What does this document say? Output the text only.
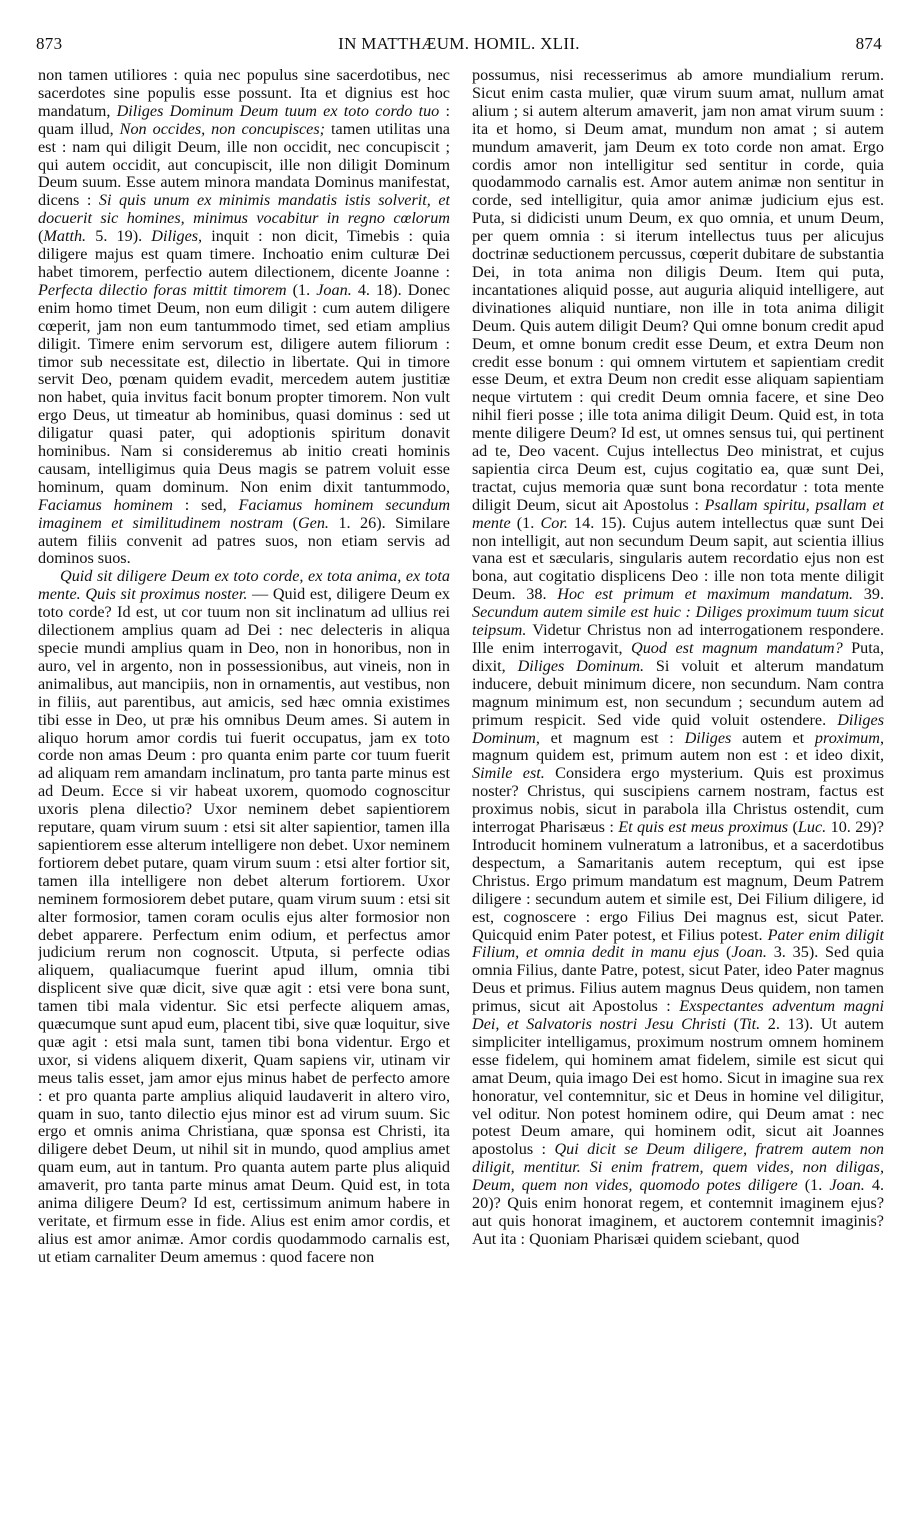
873	IN MATTHÆUM. HOMIL. XLII.	874

non tamen utiliores : quia nec populus sine sacerdotibus, nec sacerdotes sine populis esse possunt. Ita et dignius est hoc mandatum, Diliges Dominum Deum tuum ex toto cordo tuo : quam illud, Non occides, non concupisces; tamen utilitas una est : nam qui diligit Deum, ille non occidit, nec concupiscit ; qui autem occidit, aut concupiscit, ille non diligit Dominum Deum suum. Esse autem minora mandata Dominus manifestat, dicens : Si quis unum ex minimis mandatis istis solverit, et docuerit sic homines, minimus vocabitur in regno cœlorum (Matth. 5. 19). Diliges, inquit : non dicit, Timebis : quia diligere majus est quam timere. Inchoatio enim culturæ Dei habet timorem, perfectio autem dilectionem, dicente Joanne : Perfecta dilectio foras mittit timorem (1. Joan. 4. 18). Donec enim homo timet Deum, non eum diligit : cum autem diligere cœperit, jam non eum tantummodo timet, sed etiam amplius diligit. Timere enim servorum est, diligere autem filiorum : timor sub necessitate est, dilectio in libertate. Qui in timore servit Deo, pœnam quidem evadit, mercedem autem justitiæ non habet, quia invitus facit bonum propter timorem. Non vult ergo Deus, ut timeatur ab hominibus, quasi dominus : sed ut diligatur quasi pater, qui adoptionis spiritum donavit hominibus. Nam si consideremus ab initio creati hominis causam, intelligimus quia Deus magis se patrem voluit esse hominum, quam dominum. Non enim dixit tantummodo, Faciamus hominem : sed, Faciamus hominem secundum imaginem et similitudinem nostram (Gen. 1. 26). Similare autem filiis convenit ad patres suos, non etiam servis ad dominos suos.

Quid sit diligere Deum ex toto corde, ex tota anima, ex tota mente. Quis sit proximus noster. — Quid est, diligere Deum ex toto corde? Id est, ut cor tuum non sit inclinatum ad ullius rei dilectionem amplius quam ad Dei : nec delecteris in aliqua specie mundi amplius quam in Deo, non in honoribus, non in auro, vel in argento, non in possessionibus, aut vineis, non in animalibus, aut mancipiis, non in ornamentis, aut vestibus, non in filiis, aut parentibus, aut amicis, sed hæc omnia existimes tibi esse in Deo, ut præ his omnibus Deum ames. Si autem in aliquo horum amor cordis tui fuerit occupatus, jam ex toto corde non amas Deum : pro quanta enim parte cor tuum fuerit ad aliquam rem amandam inclinatum, pro tanta parte minus est ad Deum. Ecce si vir habeat uxorem, quomodo cognoscitur uxoris plena dilectio? Uxor neminem debet sapientiorem reputare, quam virum suum : etsi sit alter sapientior, tamen illa sapientiorem esse alterum intelligere non debet. Uxor neminem fortiorem debet putare, quam virum suum : etsi alter fortior sit, tamen illa intelligere non debet alterum fortiorem. Uxor neminem formosiorem debet putare, quam virum suum : etsi sit alter formosior, tamen coram oculis ejus alter formosior non debet apparere. Perfectum enim odium, et perfectus amor judicium rerum non cognoscit. Utputa, si perfecte odias aliquem, qualiacumque fuerint apud illum, omnia tibi displicent sive quæ dicit, sive quæ agit : etsi vere bona sunt, tamen tibi mala videntur. Sic etsi perfecte aliquem amas, quæcumque sunt apud eum, placent tibi, sive quæ loquitur, sive quæ agit : etsi mala sunt, tamen tibi bona videntur. Ergo et uxor, si videns aliquem dixerit, Quam sapiens vir, utinam vir meus talis esset, jam amor ejus minus habet de perfecto amore : et pro quanta parte amplius aliquid laudaverit in altero viro, quam in suo, tanto dilectio ejus minor est ad virum suum. Sic ergo et omnis anima Christiana, quæ sponsa est Christi, ita diligere debet Deum, ut nihil sit in mundo, quod amplius amet quam eum, aut in tantum. Pro quanta autem parte plus aliquid amaverit, pro tanta parte minus amat Deum. Quid est, in tota anima diligere Deum? Id est, certissimum animum habere in veritate, et firmum esse in fide. Alius est enim amor cordis, et alius est amor animæ. Amor cordis quodammodo carnalis est, ut etiam carnaliter Deum amemus : quod facere non

possumus, nisi recesserimus ab amore mundialium rerum. Sicut enim casta mulier, quæ virum suum amat, nullum amat alium ; si autem alterum amaverit, jam non amat virum suum : ita et homo, si Deum amat, mundum non amat ; si autem mundum amaverit, jam Deum ex toto corde non amat. Ergo cordis amor non intelligitur sed sentitur in corde, quia quodammodo carnalis est. Amor autem animæ non sentitur in corde, sed intelligitur, quia amor animæ judicium ejus est. Puta, si didicisti unum Deum, ex quo omnia, et unum Deum, per quem omnia : si iterum intellectus tuus per alicujus doctrinæ seductionem percussus, cœperit dubitare de substantia Dei, in tota anima non diligis Deum. Item qui puta, incantationes aliquid posse, aut auguria aliquid intelligere, aut divinationes aliquid nuntiare, non ille in tota anima diligit Deum. Quis autem diligit Deum? Qui omne bonum credit apud Deum, et omne bonum credit esse Deum, et extra Deum non credit esse bonum : qui omnem virtutem et sapientiam credit esse Deum, et extra Deum non credit esse aliquam sapientiam neque virtutem : qui credit Deum omnia facere, et sine Deo nihil fieri posse ; ille tota anima diligit Deum. Quid est, in tota mente diligere Deum? Id est, ut omnes sensus tui, qui pertinent ad te, Deo vacent. Cujus intellectus Deo ministrat, et cujus sapientia circa Deum est, cujus cogitatio ea, quæ sunt Dei, tractat, cujus memoria quæ sunt bona recordatur : tota mente diligit Deum, sicut ait Apostolus : Psallam spiritu, psallam et mente (1. Cor. 14. 15). Cujus autem intellectus quæ sunt Dei non intelligit, aut non secundum Deum sapit, aut scientia illius vana est et sæcularis, singularis autem recordatio ejus non est bona, aut cogitatio displicens Deo : ille non tota mente diligit Deum. 38. Hoc est primum et maximum mandatum. 39. Secundum autem simile est huic : Diliges proximum tuum sicut teipsum. Videtur Christus non ad interrogationem respondere. Ille enim interrogavit, Quod est magnum mandatum? Puta, dixit, Diliges Dominum. Si voluit et alterum mandatum inducere, debuit minimum dicere, non secundum. Nam contra magnum minimum est, non secundum ; secundum autem ad primum respicit. Sed vide quid voluit ostendere. Diliges Dominum, et magnum est : Diliges autem et proximum, magnum quidem est, primum autem non est : et ideo dixit, Simile est. Considera ergo mysterium. Quis est proximus noster? Christus, qui suscipiens carnem nostram, factus est proximus nobis, sicut in parabola illa Christus ostendit, cum interrogat Pharisæus : Et quis est meus proximus (Luc. 10. 29)? Introducit hominem vulneratum a latronibus, et a sacerdotibus despectum, a Samaritanis autem receptum, qui est ipse Christus. Ergo primum mandatum est magnum, Deum Patrem diligere : secundum autem et simile est, Dei Filium diligere, id est, cognoscere : ergo Filius Dei magnus est, sicut Pater. Quicquid enim Pater potest, et Filius potest. Pater enim diligit Filium, et omnia dedit in manu ejus (Joan. 3. 35). Sed quia omnia Filius, dante Patre, potest, sicut Pater, ideo Pater magnus Deus et primus. Filius autem magnus Deus quidem, non tamen primus, sicut ait Apostolus : Exspectantes adventum magni Dei, et Salvatoris nostri Jesu Christi (Tit. 2. 13). Ut autem simpliciter intelligamus, proximum nostrum omnem hominem esse fidelem, qui hominem amat fidelem, simile est sicut qui amat Deum, quia imago Dei est homo. Sicut in imagine sua rex honoratur, vel contemnitur, sic et Deus in homine vel diligitur, vel oditur. Non potest hominem odire, qui Deum amat : nec potest Deum amare, qui hominem odit, sicut ait Joannes apostolus : Qui dicit se Deum diligere, fratrem autem non diligit, mentitur. Si enim fratrem, quem vides, non diligas, Deum, quem non vides, quomodo potes diligere (1. Joan. 4. 20)? Quis enim honorat regem, et contemnit imaginem ejus? aut quis honorat imaginem, et auctorem contemnit imaginis? Aut ita : Quoniam Pharisæi quidem sciebant, quod
